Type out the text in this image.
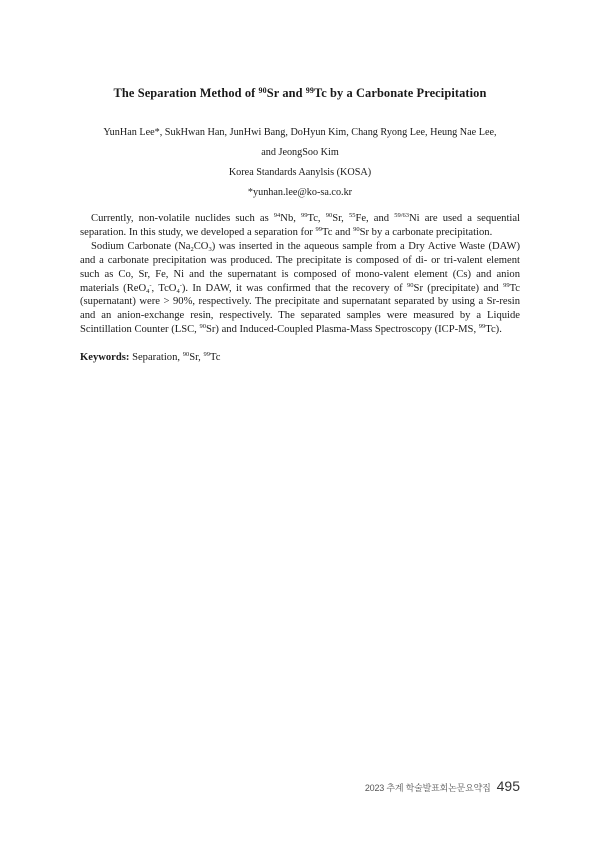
The Separation Method of $^{90}$Sr and $^{99}$Tc by a Carbonate Precipitation
YunHan Lee*, SukHwan Han, JunHwi Bang, DoHyun Kim, Chang Ryong Lee, Heung Nae Lee,
and JeongSoo Kim
Korea Standards Aanylsis (KOSA)
*yunhan.lee@ko-sa.co.kr

Currently, non-volatile nuclides such as $^{94}$Nb, $^{99}$Tc, $^{90}$Sr, $^{55}$Fe, and $^{59/63}$Ni are used a sequential separation. In this study, we developed a separation for $^{99}$Tc and $^{90}$Sr by a carbonate precipitation.

Sodium Carbonate $(Na_2CO_3)$ was inserted in the aqueous sample from a Dry Active Waste (DAW) and a carbonate precipitation was produced. The precipitate is composed of di- or tri-valent element such as Co, Sr, Fe, Ni and the supernatant is composed of mono-valent element (Cs) and anion materials (ReO$_4$-, TcO$_4$-). In DAW, it was confirmed that the recovery of $^{90}$Sr (precipitate) and $^{99}$Tc (supernatant) were > 90%, respectively. The precipitate and supernatant separated by using a Sr-resin and an anion-exchange resin, respectively. The separated samples were measured by a Liquide Scintillation Counter (LSC, $^{90}$Sr) and Induced-Coupled Plasma-Mass Spectroscopy (ICP-MS, $^{99}$Tc).

Keywords: Separation, $^{90}$Sr, $^{99}$Tc
2023 추계 학술발표회논문요약집 495
